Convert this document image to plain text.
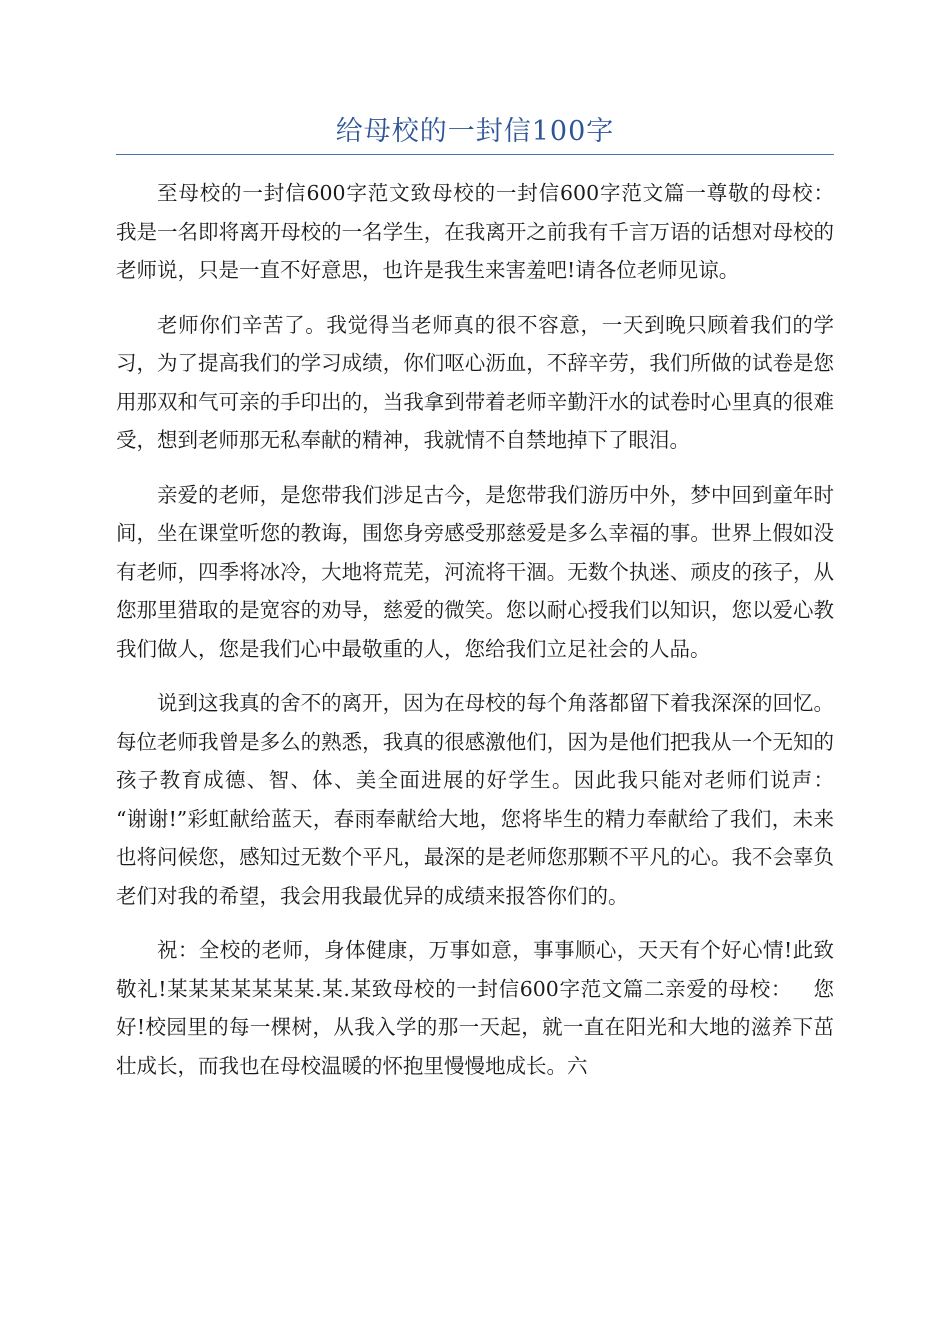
给母校的一封信100字

至母校的一封信600字范文致母校的一封信600字范文篇一尊敬的母校：    我是一名即将离开母校的一名学生，在我离开之前我有千言万语的话想对母校的老师说，只是一直不好意思，也许是我生来害羞吧!请各位老师见谅。

老师你们辛苦了。我觉得当老师真的很不容意，一天到晚只顾着我们的学习，为了提高我们的学习成绩，你们呕心沥血，不辞辛劳，我们所做的试卷是您用那双和气可亲的手印出的，当我拿到带着老师辛勤汗水的试卷时心里真的很难受，想到老师那无私奉献的精神，我就情不自禁地掉下了眼泪。

亲爱的老师，是您带我们涉足古今，是您带我们游历中外，梦中回到童年时间，坐在课堂听您的教诲，围您身旁感受那慈爱是多么幸福的事。世界上假如没有老师，四季将冰冷，大地将荒芜，河流将干涸。无数个执迷、顽皮的孩子，从您那里猎取的是宽容的劝导，慈爱的微笑。您以耐心授我们以知识，您以爱心教我们做人，您是我们心中最敬重的人，您给我们立足社会的人品。

说到这我真的舍不的离开，因为在母校的每个角落都留下着我深深的回忆。每位老师我曾是多么的熟悉，我真的很感激他们，因为是他们把我从一个无知的孩子教育成德、智、体、美全面进展的好学生。因此我只能对老师们说声：   “谢谢!”彩虹献给蓝天，春雨奉献给大地，您将毕生的精力奉献给了我们，未来也将问候您，感知过无数个平凡，最深的是老师您那颗不平凡的心。我不会辜负老们对我的希望，我会用我最优异的成绩来报答你们的。

祝：全校的老师，身体健康，万事如意，事事顺心，天天有个好心情!此致敬礼!某某某某某某某.某.某致母校的一封信600字范文篇二亲爱的母校：   您好!校园里的每一棵树，从我入学的那一天起，就一直在阳光和大地的滋养下茁壮成长，而我也在母校温暖的怀抱里慢慢地成长。六
